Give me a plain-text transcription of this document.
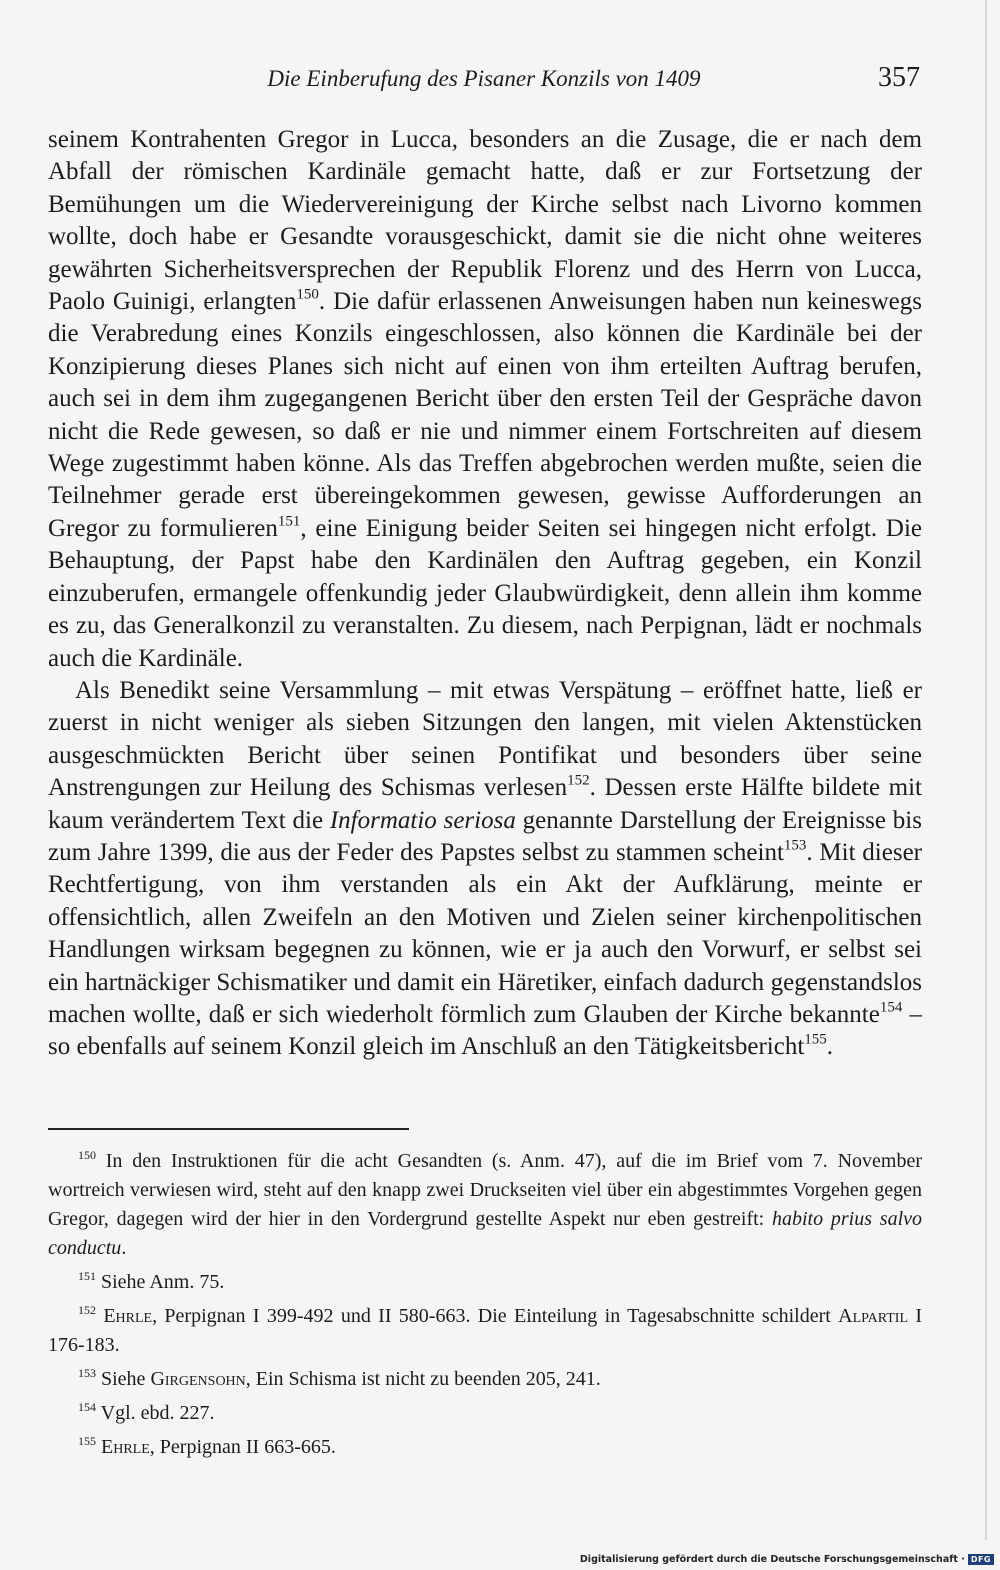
Die Einberufung des Pisaner Konzils von 1409	357

seinem Kontrahenten Gregor in Lucca, besonders an die Zusage, die er nach dem Abfall der römischen Kardinäle gemacht hatte, daß er zur Fortsetzung der Bemühungen um die Wiedervereinigung der Kirche selbst nach Livorno kommen wollte, doch habe er Gesandte vorausgeschickt, damit sie die nicht ohne weiteres gewährten Sicherheitsversprechen der Republik Florenz und des Herrn von Lucca, Paolo Guinigi, erlangten$^{150}$. Die dafür erlassenen Anweisungen haben nun keineswegs die Verabredung eines Konzils eingeschlossen, also können die Kardinäle bei der Konzipierung dieses Planes sich nicht auf einen von ihm erteilten Auftrag berufen, auch sei in dem ihm zugegangenen Bericht über den ersten Teil der Gespräche davon nicht die Rede gewesen, so daß er nie und nimmer einem Fortschreiten auf diesem Wege zugestimmt haben könne. Als das Treffen abgebrochen werden mußte, seien die Teilnehmer gerade erst übereingekommen gewesen, gewisse Aufforderungen an Gregor zu formulieren$^{151}$, eine Einigung beider Seiten sei hingegen nicht erfolgt. Die Behauptung, der Papst habe den Kardinälen den Auftrag gegeben, ein Konzil einzuberufen, ermangele offenkundig jeder Glaubwürdigkeit, denn allein ihm komme es zu, das Generalkonzil zu veranstalten. Zu diesem, nach Perpignan, lädt er nochmals auch die Kardinäle.

Als Benedikt seine Versammlung – mit etwas Verspätung – eröffnet hatte, ließ er zuerst in nicht weniger als sieben Sitzungen den langen, mit vielen Aktenstücken ausgeschmückten Bericht über seinen Pontifikat und besonders über seine Anstrengungen zur Heilung des Schismas verlesen$^{152}$. Dessen erste Hälfte bildete mit kaum verändertem Text die Informatio seriosa genannte Darstellung der Ereignisse bis zum Jahre 1399, die aus der Feder des Papstes selbst zu stammen scheint$^{153}$. Mit dieser Rechtfertigung, von ihm verstanden als ein Akt der Aufklärung, meinte er offensichtlich, allen Zweifeln an den Motiven und Zielen seiner kirchenpolitischen Handlungen wirksam begegnen zu können, wie er ja auch den Vorwurf, er selbst sei ein hartnäckiger Schismatiker und damit ein Häretiker, einfach dadurch gegenstandslos machen wollte, daß er sich wiederholt förmlich zum Glauben der Kirche bekannte$^{154}$ – so ebenfalls auf seinem Konzil gleich im Anschluß an den Tätigkeitsbericht$^{155}$.

$^{150}$ In den Instruktionen für die acht Gesandten (s. Anm. 47), auf die im Brief vom 7. November wortreich verwiesen wird, steht auf den knapp zwei Druckseiten viel über ein abgestimmtes Vorgehen gegen Gregor, dagegen wird der hier in den Vordergrund gestellte Aspekt nur eben gestreift: habito prius salvo conductu.

$^{151}$ Siehe Anm. 75.

$^{152}$ Ehrle, Perpignan I 399-492 und II 580-663. Die Einteilung in Tagesabschnitte schildert Alpartil I 176-183.

$^{153}$ Siehe Girgensohn, Ein Schisma ist nicht zu beenden 205, 241.

$^{154}$ Vgl. ebd. 227.

$^{155}$ Ehrle, Perpignan II 663-665.

Digitalisierung gefördert durch die Deutsche Forschungsgemeinschaft · DFG
